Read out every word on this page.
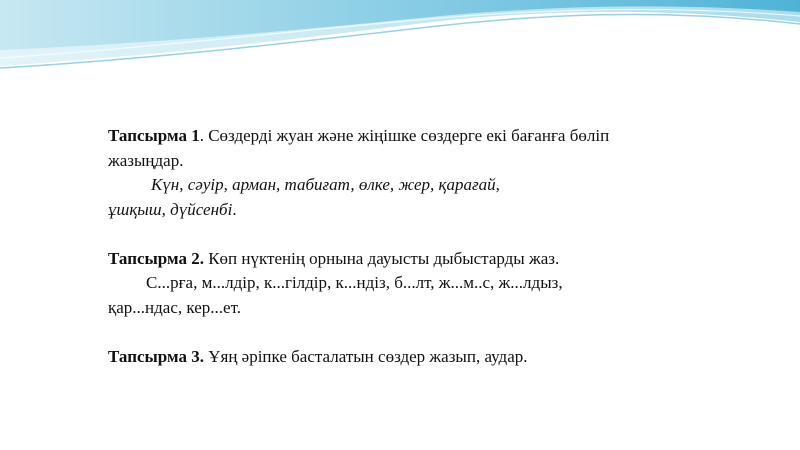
Тапсырма 1. Сөздерді жуан және жіңішке сөздерге екі бағанға бөліп жазыңдар.

Күн, сәуір, арман, табиғат, өлке, жер, қарағай,

ұшқыш, дүйсенбі.

Тапсырма 2. Көп нүктенің орнына дауысты дыбыстарды жаз.

С...рға, м...лдір, к...гілдір, к...ндіз, б...лт, ж...м..с, ж...лдыз, қар...ндас, кер...ет.

Тапсырма 3. Ұяң әріпке басталатын сөздер жазып, аудар.
